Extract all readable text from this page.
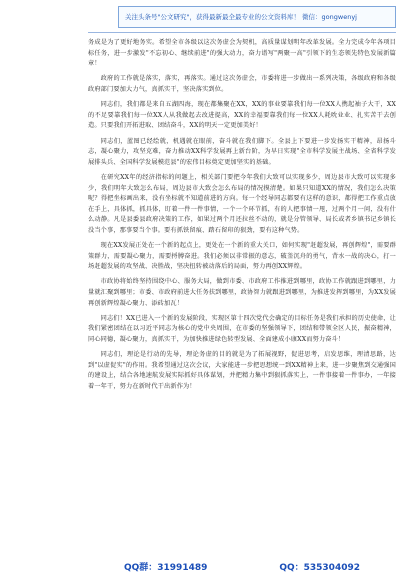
关注头条号"公文研究"，获得最新最全最专业的公文资料库！ 微信：gongwenyj

务成是为了更好地务实。希望全市各级以这次务虚会为契机，高质量谋划明年改革发展。全力完成今年各项目标任务，进一步激发"不忘初心、继续前进"的强大动力，奋力谱写"两聚一高"引领下的生态领先特色发展新篇章！

政府的工作就是落实，落实，再落实。通过这次务虚会，市委将进一步做出一系列决策，各级政府和各级政府部门要加大力气，真抓实干，坚决落实到位。

同志们，我们都是来自五湖四海，现在都集聚在XX，XX的事业要靠我们每一位XX人携起袖子大干，XX的不足要靠我们每一位XX人从我做起去改进提高，XX的幸福要靠我们每一位XX人耗吮业业、扎实苦干去创造。只要我们开拓进取、团结奋斗，XX的明天一定更加美好！

同志们，蓝图已经绘就，机遇就在眼前，奋斗就在我们脚下。全县上下要进一步发扬实干精神，昂扬斗志，凝心聚力，攻坚克难，奋力推动XX科学发展再上新台阶，为早日实现"全市科学发展主战场、全省科学发展排头兵、全国科学发展模范县"的宏伟目标奠定更加坚实的基础。

在研究XX年的经济指标的问题上，相关部门要把今年我们大致可以实现多少，周边县市大致可以实现多少，我们明年大致怎么布局，周边县市大致会怎么布局的情况摸清楚。如果只知道XX的情况，我们怎么决策呢？得把坐标画出来，没有坐标就不知道前进的方向。每一个经导同志都要有这样的意识，都得把工作重点放在手上，具体抓，抓具体，盯着一件一件事情，一个一个环节抓，有的人把事情一甩，过两个月一问，没有什么动静。凡是县委县政府决策的工作，如果过两个月还拉丝不动的，就是分管领导、局长或者乡镇书记乡镇长没当个事，那事要当个事。要有抓铁留痕、踏石留印的狠劲，要有这种气势。

现在XX发展正处在一个新的起点上，更处在一个新的重大关口，如何实现"赶超发展，再创辉煌"，需要群策群力，需要凝心聚力，需要捋膊奋进。我们必须以非常振的意志，破釜沉舟的勇气，背水一战的决心，打一场赶超发展的攻坚战、决胜战，坚决扭转被动落后的局面，努力再创XX辉煌。

市政协将始终坚持围绕中心、服务大局，做到市委、市政府工作推进到哪里，政协工作就跟进到哪里，力量就汇聚到哪里；市委、市政府前进大任务扶到哪里，政协智力就跟进到哪里，为推进发挥到哪里，为XX发展再创新辉煌凝心聚力、添砖加瓦！

同志们！XX已进入一个新的发展阶段，实现区第十四次党代会确定的目标任务是我们承担的历史使命，让我们紧密团结在以习近平同志为核心的党中央周围，在市委的坚强领导下，团结和带领全区人民，振奋精神，同心同德，凝心聚力，真抓实干，为加快推进绿色转型发展、全面建成小康XX而努力奋斗！

同志们，理论是行动的先导，理论务虚的目的就是为了拓展视野，促进思考，启发思维，理清思路，达到"以虚促实"的作用。我希望通过这次会议，大家能进一步把思想统一到XX精神上来，进一步聚焦到交通强国的建设上，结合各地速航发展实际抓好具体谋划，并把精力集中到狠抓落实上，一件事接着一件事办，一年接着一年干，努力在新时代干出新作为！

QQ群：31991489	QQ：535304092
